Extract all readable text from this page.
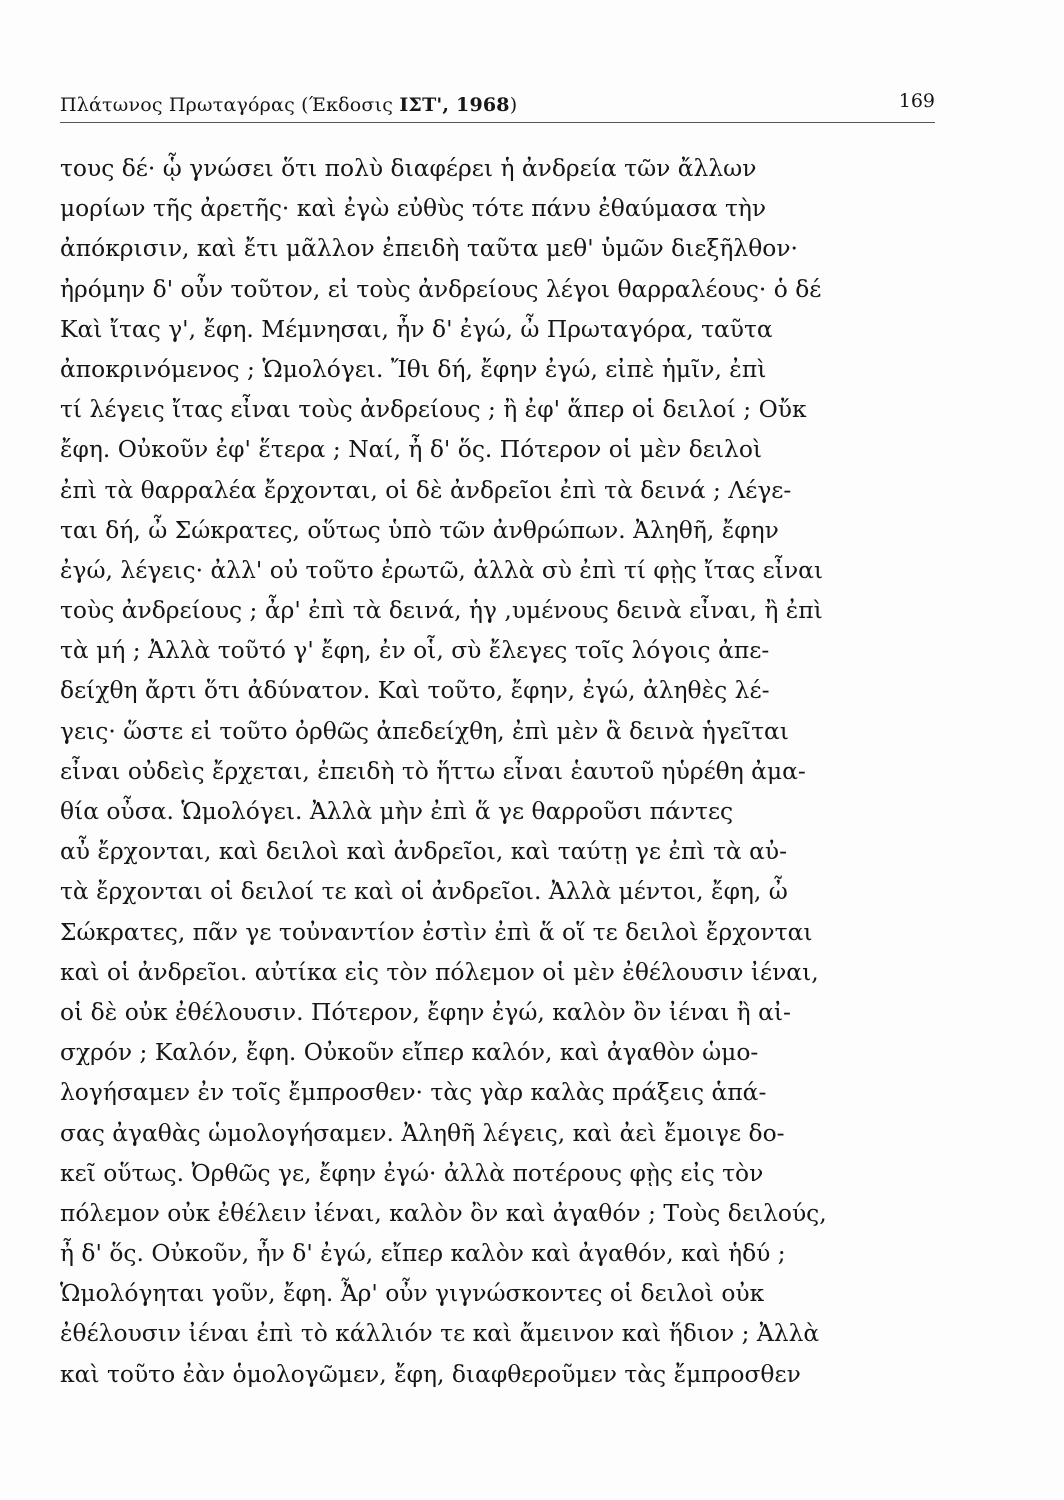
Πλάτωνος Πρωταγόρας (Έκδοσις ΙΣΤ', 1968)	169
τους δέ· ᾧ γνώσει ὅτι πολὺ διαφέρει ἡ ἀνδρεία τῶν ἄλλων
μορίων τῆς ἀρετῆς· καὶ ἐγὼ εὐθὺς τότε πάνυ ἐθαύμασα τὴν
ἀπόκρισιν, καὶ ἔτι μᾶλλον ἐπειδὴ ταῦτα μεθ' ὑμῶν διεξῆλθον·
ἠρόμην δ' οὖν τοῦτον, εἰ τοὺς ἀνδρείους λέγοι θαρραλέους· ὁ δέ
Καὶ ἴτας γ', ἔφη. Μέμνησαι, ἦν δ' ἐγώ, ὦ Πρωταγόρα, ταῦτα
ἀποκρινόμενος ; Ὡμολόγει. Ἴθι δή, ἔφην ἐγώ, εἰπὲ ἡμῖν, ἐπὶ
τί λέγεις ἴτας εἶναι τοὺς ἀνδρείους ; ἢ ἐφ' ἅπερ οἱ δειλοί ; Οὔκ
ἔφη. Οὐκοῦν ἐφ' ἕτερα ; Ναί, ἦ δ' ὅς. Πότερον οἱ μὲν δειλοὶ
ἐπὶ τὰ θαρραλέα ἔρχονται, οἱ δὲ ἀνδρεῖοι ἐπὶ τὰ δεινά ; Λέγε-
ται δή, ὦ Σώκρατες, οὕτως ὑπὸ τῶν ἀνθρώπων. Ἀληθῆ, ἔφην
ἐγώ, λέγεις· ἀλλ' οὐ τοῦτο ἐρωτῶ, ἀλλὰ σὺ ἐπὶ τί φῂς ἴτας εἶναι
τοὺς ἀνδρείους ; ἆρ' ἐπὶ τὰ δεινά, ἡγ ,υμένους δεινὰ εἶναι, ἢ ἐπὶ
τὰ μή ; Ἀλλὰ τοῦτό γ' ἔφη, ἐν οἷ, σὺ ἔλεγες τοῖς λόγοις ἀπε-
δείχθη ἄρτι ὅτι ἀδύνατον. Καὶ τοῦτο, ἔφην, ἐγώ, ἀληθὲς λέ-
γεις· ὥστε εἰ τοῦτο ὀρθῶς ἀπεδείχθη, ἐπὶ μὲν ἃ δεινὰ ἡγεῖται
εἶναι οὐδεὶς ἔρχεται, ἐπειδὴ τὸ ἥττω εἶναι ἑαυτοῦ ηὑρέθη ἀμα-
θία οὖσα. Ὡμολόγει. Ἀλλὰ μὴν ἐπὶ ἅ γε θαρροῦσι πάντες
αὖ ἔρχονται, καὶ δειλοὶ καὶ ἀνδρεῖοι, καὶ ταύτῃ γε ἐπὶ τὰ αὐ-
τὰ ἔρχονται οἱ δειλοί τε καὶ οἱ ἀνδρεῖοι. Ἀλλὰ μέντοι, ἔφη, ὦ
Σώκρατες, πᾶν γε τοὐναντίον ἐστὶν ἐπὶ ἅ οἵ τε δειλοὶ ἔρχονται
καὶ οἱ ἀνδρεῖοι. αὐτίκα εἰς τὸν πόλεμον οἱ μὲν ἐθέλουσιν ἰέναι,
οἱ δὲ οὐκ ἐθέλουσιν. Πότερον, ἔφην ἐγώ, καλὸν ὂν ἰέναι ἢ αἰ-
σχρόν ; Καλόν, ἔφη. Οὐκοῦν εἴπερ καλόν, καὶ ἀγαθὸν ὡμο-
λογήσαμεν ἐν τοῖς ἔμπροσθεν· τὰς γὰρ καλὰς πράξεις ἁπά-
σας ἀγαθὰς ὡμολογήσαμεν. Ἀληθῆ λέγεις, καὶ ἀεὶ ἔμοιγε δο-
κεῖ οὕτως. Ὀρθῶς γε, ἔφην ἐγώ· ἀλλὰ ποτέρους φῂς εἰς τὸν
πόλεμον οὐκ ἐθέλειν ἰέναι, καλὸν ὂν καὶ ἀγαθόν ; Τοὺς δειλούς,
ἦ δ' ὅς. Οὐκοῦν, ἦν δ' ἐγώ, εἴπερ καλὸν καὶ ἀγαθόν, καὶ ἡδύ ;
Ὡμολόγηται γοῦν, ἔφη. Ἆρ' οὖν γιγνώσκοντες οἱ δειλοὶ οὐκ
ἐθέλουσιν ἰέναι ἐπὶ τὸ κάλλιόν τε καὶ ἄμεινον καὶ ἥδιον ; Ἀλλὰ
καὶ τοῦτο ἐὰν ὁμολογῶμεν, ἔφη, διαφθεροῦμεν τὰς ἔμπροσθεν
